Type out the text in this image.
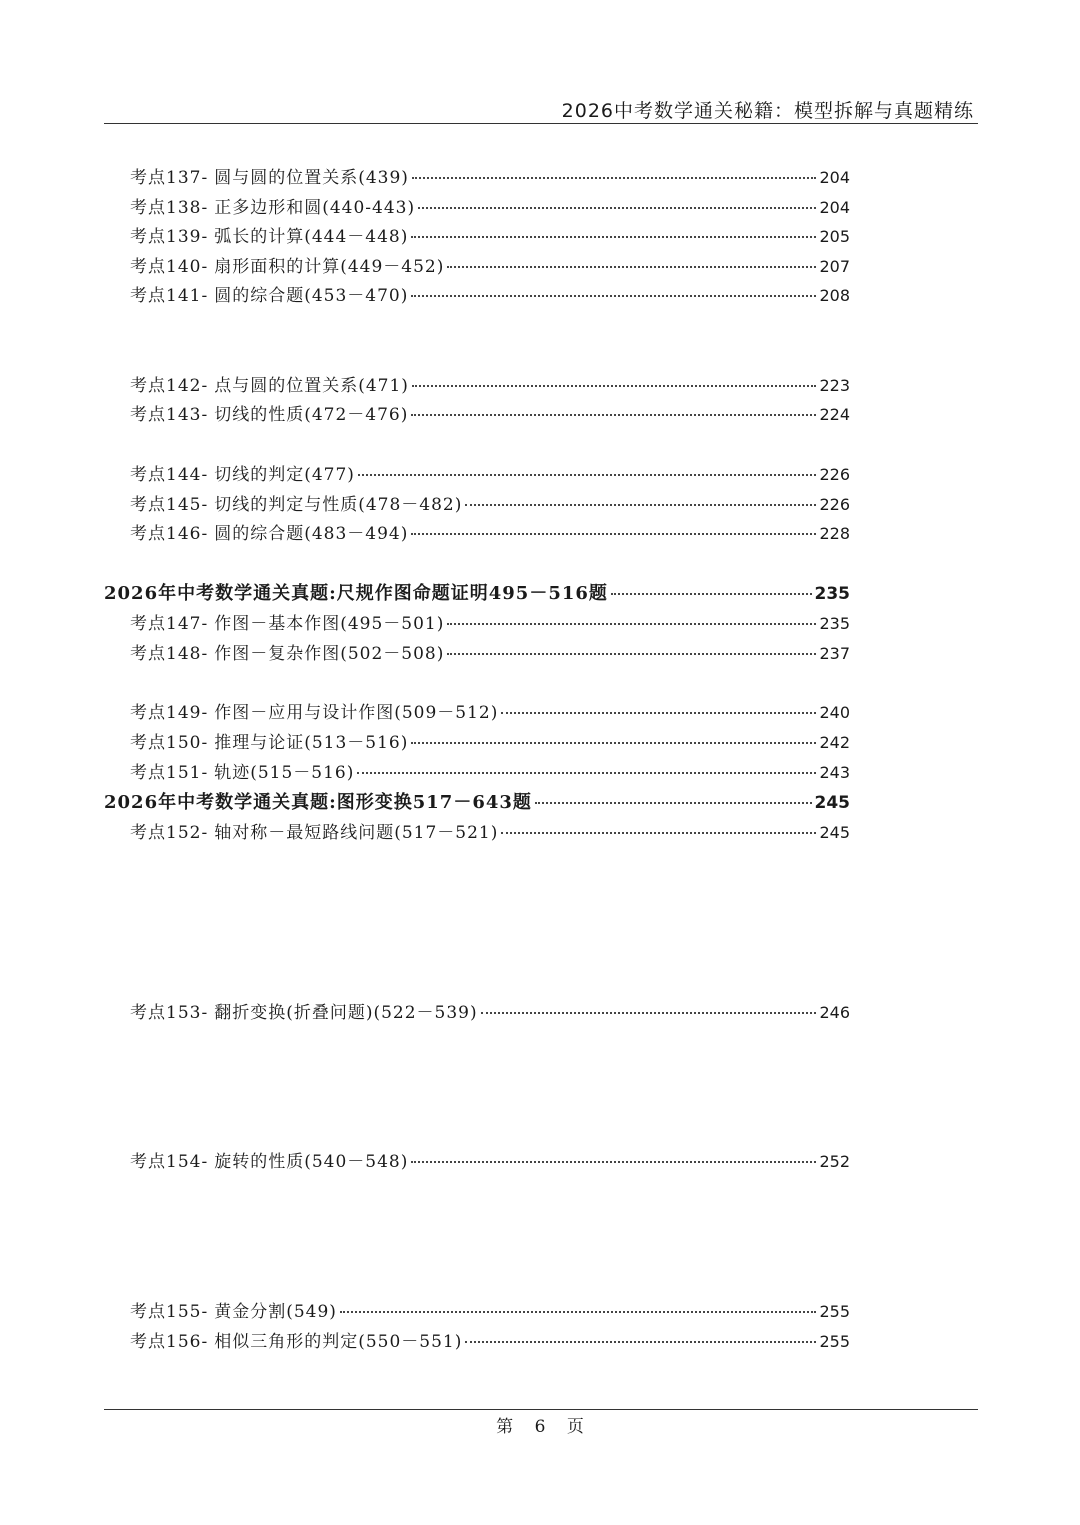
2026中考数学通关秘籍：模型拆解与真题精练
考点137- 圆与圆的位置关系(439)	204
考点138- 正多边形和圆(440-443)	204
考点139- 弧长的计算(444－448)	205
考点140- 扇形面积的计算(449－452)	207
考点141- 圆的综合题(453－470)	208
考点142- 点与圆的位置关系(471)	223
考点143- 切线的性质(472－476)	224
考点144- 切线的判定(477)	226
考点145- 切线的判定与性质(478－482)	226
考点146- 圆的综合题(483－494)	228
2026年中考数学通关真题:尺规作图命题证明495－516题	235
考点147- 作图－基本作图(495－501)	235
考点148- 作图－复杂作图(502－508)	237
考点149- 作图－应用与设计作图(509－512)	240
考点150- 推理与论证(513－516)	242
考点151- 轨迹(515－516)	243
2026年中考数学通关真题:图形变换517－643题	245
考点152- 轴对称－最短路线问题(517－521)	245
考点153- 翻折变换(折叠问题)(522－539)	246
考点154- 旋转的性质(540－548)	252
考点155- 黄金分割(549)	255
考点156- 相似三角形的判定(550－551)	255
第 6 页
